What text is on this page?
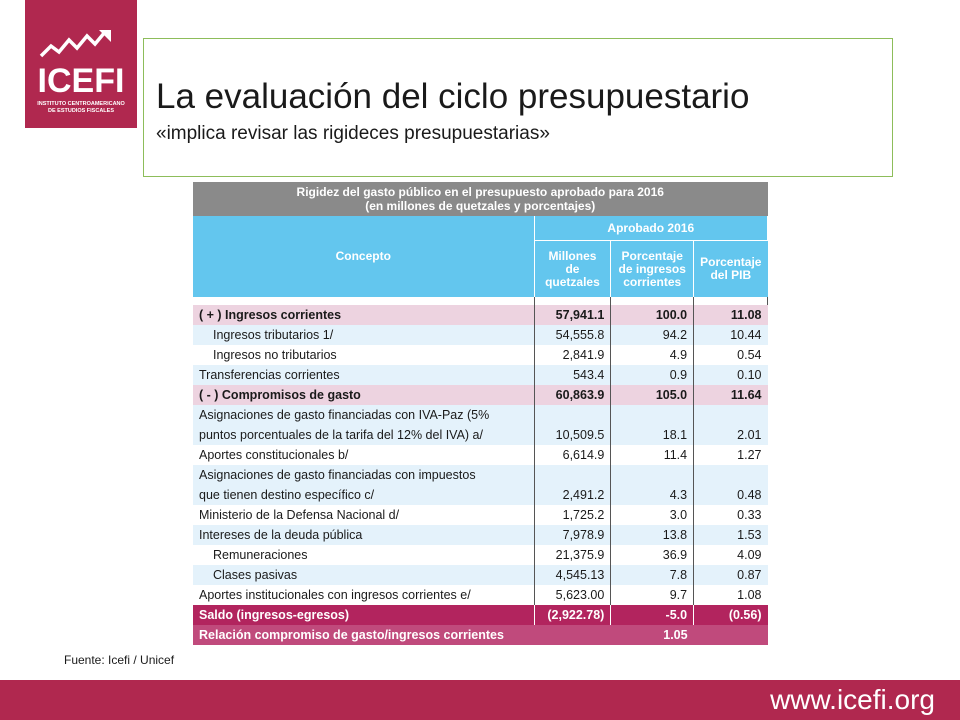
ICEFI
INSTITUTO CENTROAMERICANO
DE ESTUDIOS FISCALES	La evaluación del ciclo presupuestario
«implica revisar las rigideces presupuestarias»
Rigidez del gasto público en el presupuesto aprobado para 2016
(en millones de quetzales y porcentajes)			

Concepto	Aprobado 2016		
	Millones de quetzales	Porcentaje de ingresos corrientes	Porcentaje del PIB

( + ) Ingresos corrientes	57,941.1	100.0	11.08
Ingresos tributarios 1/	54,555.8	94.2	10.44
Ingresos no tributarios	2,841.9	4.9	0.54
Transferencias corrientes	543.4	0.9	0.10
( - ) Compromisos de gasto	60,863.9	105.0	11.64

Asignaciones de gasto financiadas con IVA-Paz (5%
puntos porcentuales de la tarifa del 12% del IVA) a/	10,509.5	18.1	2.01
Aportes constitucionales b/	6,614.9	11.4	1.27

Asignaciones de gasto financiadas con impuestos
que tienen destino específico c/	2,491.2	4.3	0.48
Ministerio de la Defensa Nacional d/	1,725.2	3.0	0.33
Intereses de la deuda pública	7,978.9	13.8	1.53
Remuneraciones	21,375.9	36.9	4.09
Clases pasivas	4,545.13	7.8	0.87
Aportes institucionales con ingresos corrientes e/	5,623.00	9.7	1.08
Saldo (ingresos-egresos)	(2,922.78)	-5.0	(0.56)
Relación compromiso de gasto/ingresos corrientes		1.05	
Fuente: Icefi / Unicef
www.icefi.org
